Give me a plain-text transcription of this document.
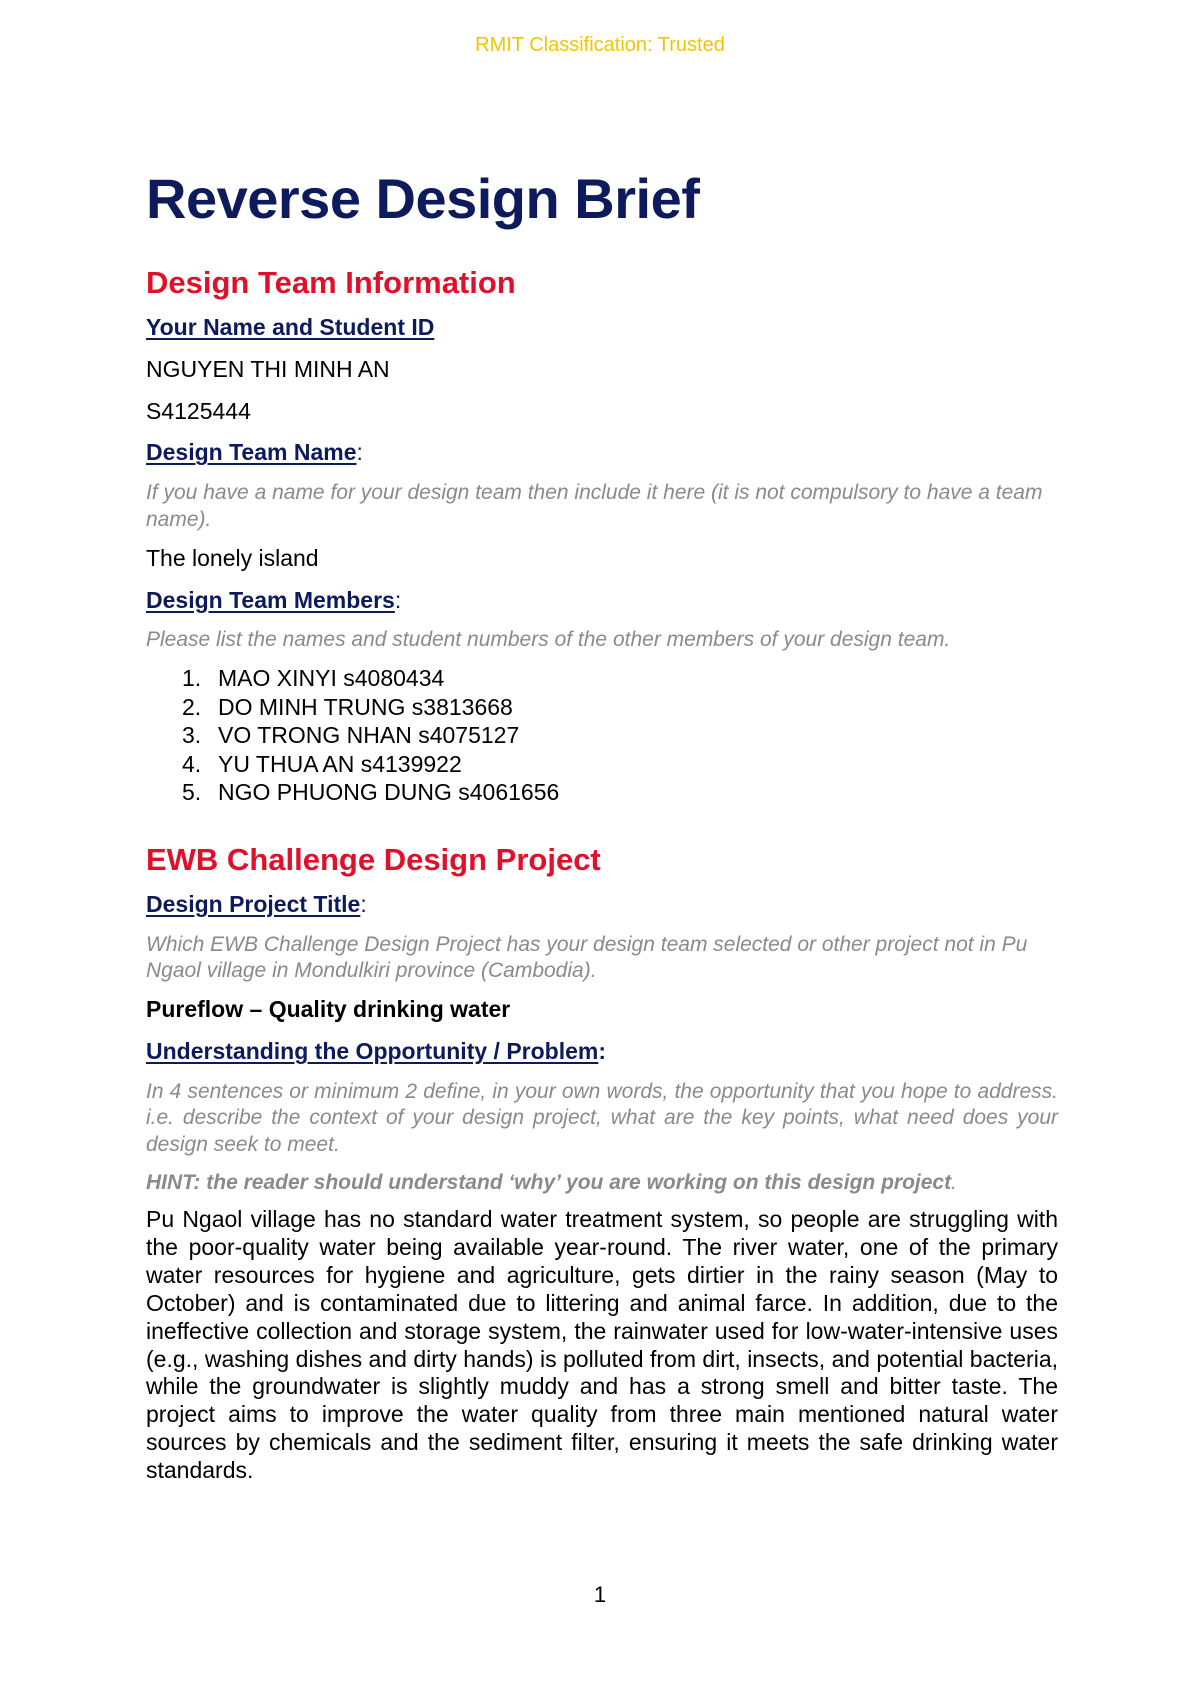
RMIT Classification: Trusted
Reverse Design Brief
Design Team Information
Your Name and Student ID
NGUYEN THI MINH AN
S4125444
Design Team Name:
If you have a name for your design team then include it here (it is not compulsory to have a team name).
The lonely island
Design Team Members:
Please list the names and student numbers of the other members of your design team.
1. MAO XINYI s4080434
2. DO MINH TRUNG s3813668
3. VO TRONG NHAN s4075127
4. YU THUA AN s4139922
5. NGO PHUONG DUNG s4061656
EWB Challenge Design Project
Design Project Title:
Which EWB Challenge Design Project has your design team selected or other project not in Pu Ngaol village in Mondulkiri province (Cambodia).
Pureflow – Quality drinking water
Understanding the Opportunity / Problem:
In 4 sentences or minimum 2 define, in your own words, the opportunity that you hope to address. i.e. describe the context of your design project, what are the key points, what need does your design seek to meet.
HINT: the reader should understand ‘why’ you are working on this design project.

Pu Ngaol village has no standard water treatment system, so people are struggling with the poor-quality water being available year-round. The river water, one of the primary water resources for hygiene and agriculture, gets dirtier in the rainy season (May to October) and is contaminated due to littering and animal farce. In addition, due to the ineffective collection and storage system, the rainwater used for low-water-intensive uses (e.g., washing dishes and dirty hands) is polluted from dirt, insects, and potential bacteria, while the groundwater is slightly muddy and has a strong smell and bitter taste. The project aims to improve the water quality from three main mentioned natural water sources by chemicals and the sediment filter, ensuring it meets the safe drinking water standards.

1
